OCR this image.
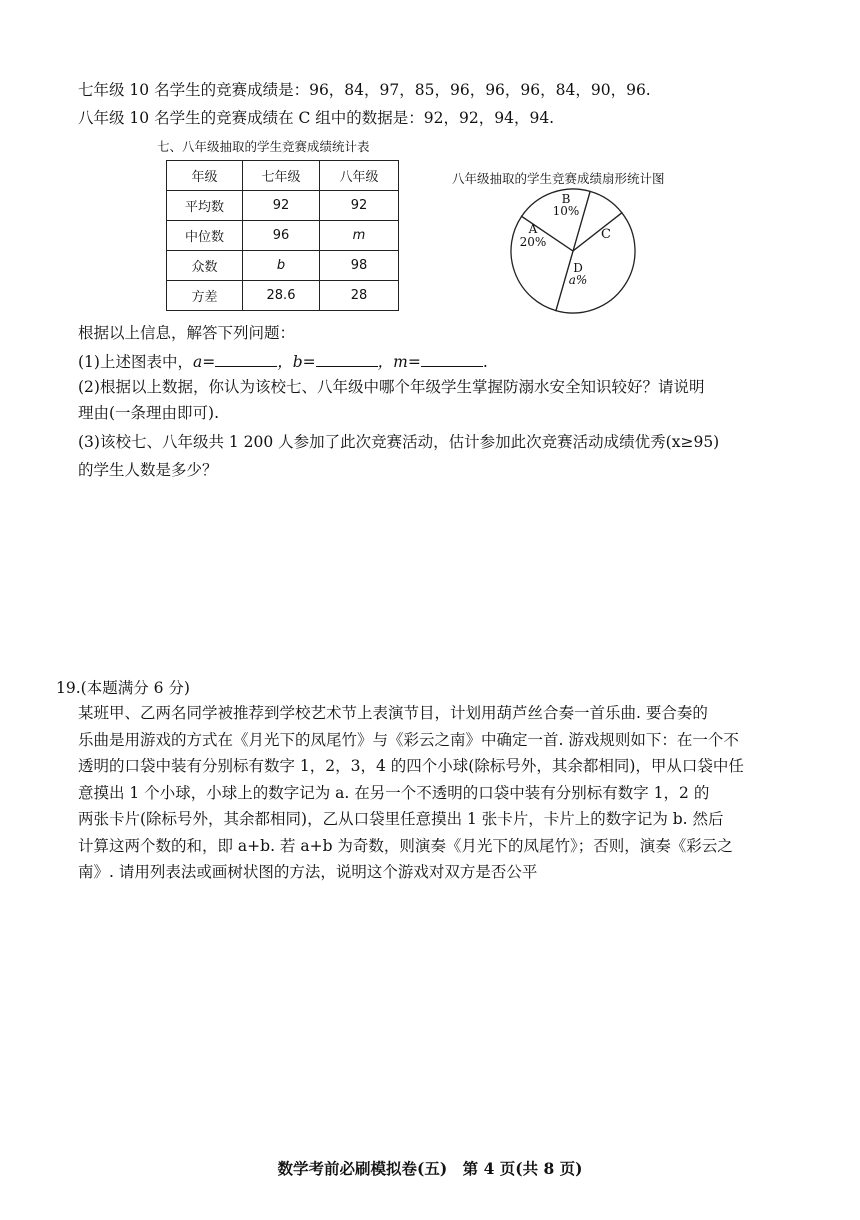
七年级 10 名学生的竞赛成绩是：96，84，97，85，96，96，96，84，90，96.
八年级 10 名学生的竞赛成绩在 C 组中的数据是：92，92，94，94.
七、八年级抽取的学生竞赛成绩统计表
年级	七年级	八年级
平均数	92	92
中位数	96	m
众数	b	98
方差	28.6	28
八年级抽取的学生竞赛成绩扇形统计图
B
10%
A
20%	C
D
a%
根据以上信息，解答下列问题：
(1)上述图表中，a=	，b=	，m=	.
(2)根据以上数据，你认为该校七、八年级中哪个年级学生掌握防溺水安全知识较好？请说明
理由(一条理由即可).
(3)该校七、八年级共 1 200 人参加了此次竞赛活动，估计参加此次竞赛活动成绩优秀(x≥95)
的学生人数是多少？
19.(本题满分 6 分)
某班甲、乙两名同学被推荐到学校艺术节上表演节目，计划用葫芦丝合奏一首乐曲. 要合奏的
乐曲是用游戏的方式在《月光下的凤尾竹》与《彩云之南》中确定一首. 游戏规则如下：在一个不
透明的口袋中装有分别标有数字 1，2，3，4 的四个小球(除标号外，其余都相同)，甲从口袋中任
意摸出 1 个小球，小球上的数字记为 a. 在另一个不透明的口袋中装有分别标有数字 1，2 的
两张卡片(除标号外，其余都相同)，乙从口袋里任意摸出 1 张卡片，卡片上的数字记为 b. 然后
计算这两个数的和，即 a+b. 若 a+b 为奇数，则演奏《月光下的凤尾竹》；否则，演奏《彩云之
南》. 请用列表法或画树状图的方法，说明这个游戏对双方是否公平
数学考前必刷模拟卷(五)　第 4 页(共 8 页)
